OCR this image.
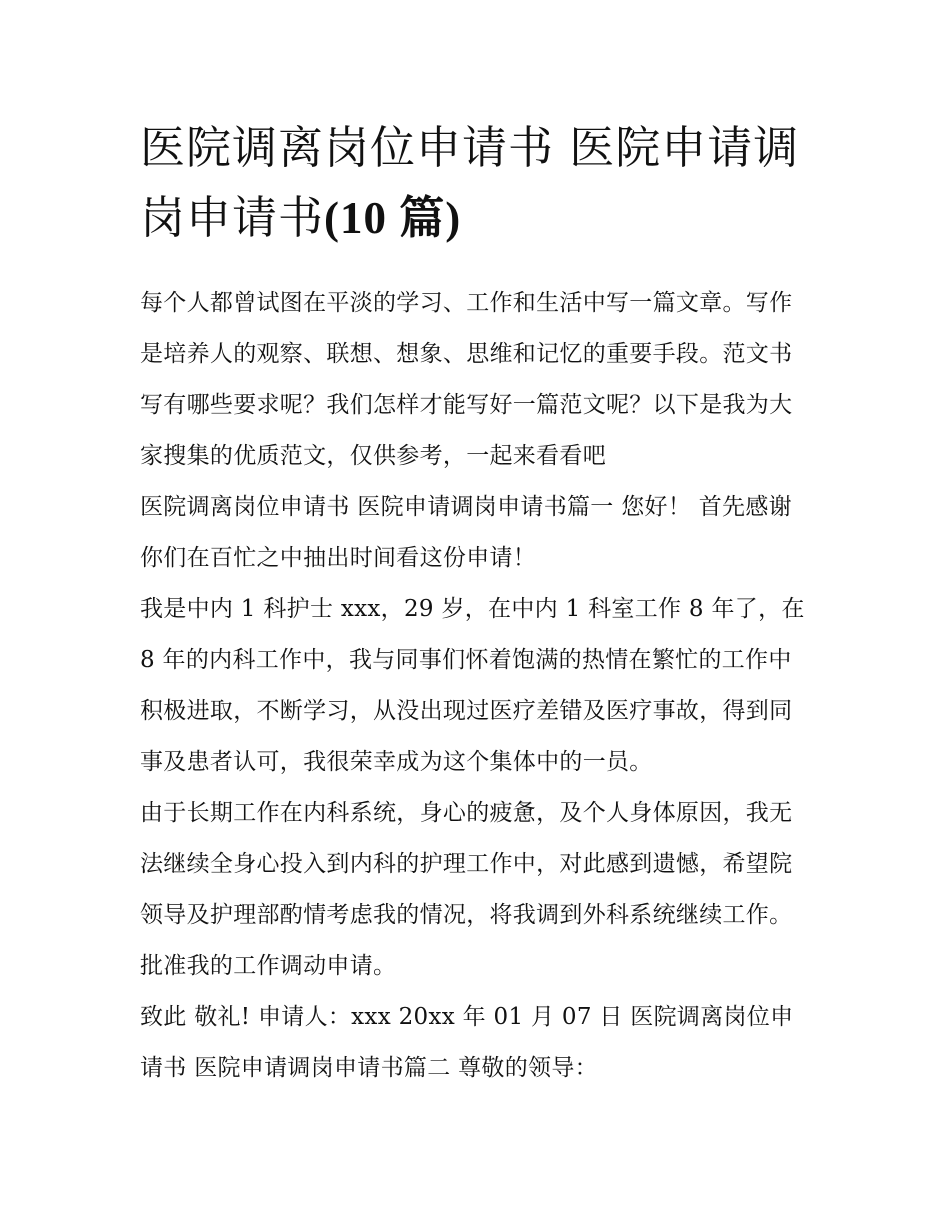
医院调离岗位申请书 医院申请调岗申请书(10 篇)

每个人都曾试图在平淡的学习、工作和生活中写一篇文章。写作是培养人的观察、联想、想象、思维和记忆的重要手段。范文书写有哪些要求呢？我们怎样才能写好一篇范文呢？以下是我为大家搜集的优质范文，仅供参考，一起来看看吧

医院调离岗位申请书 医院申请调岗申请书篇一 您好！ 首先感谢你们在百忙之中抽出时间看这份申请！

我是中内 1 科护士 xxx，29 岁，在中内 1 科室工作 8 年了，在 8 年的内科工作中，我与同事们怀着饱满的热情在繁忙的工作中积极进取，不断学习，从没出现过医疗差错及医疗事故，得到同事及患者认可，我很荣幸成为这个集体中的一员。

由于长期工作在内科系统，身心的疲惫，及个人身体原因，我无法继续全身心投入到内科的护理工作中，对此感到遗憾，希望院领导及护理部酌情考虑我的情况，将我调到外科系统继续工作。批准我的工作调动申请。

致此 敬礼! 申请人：xxx 20xx 年 01 月 07 日 医院调离岗位申请书 医院申请调岗申请书篇二 尊敬的领导：
